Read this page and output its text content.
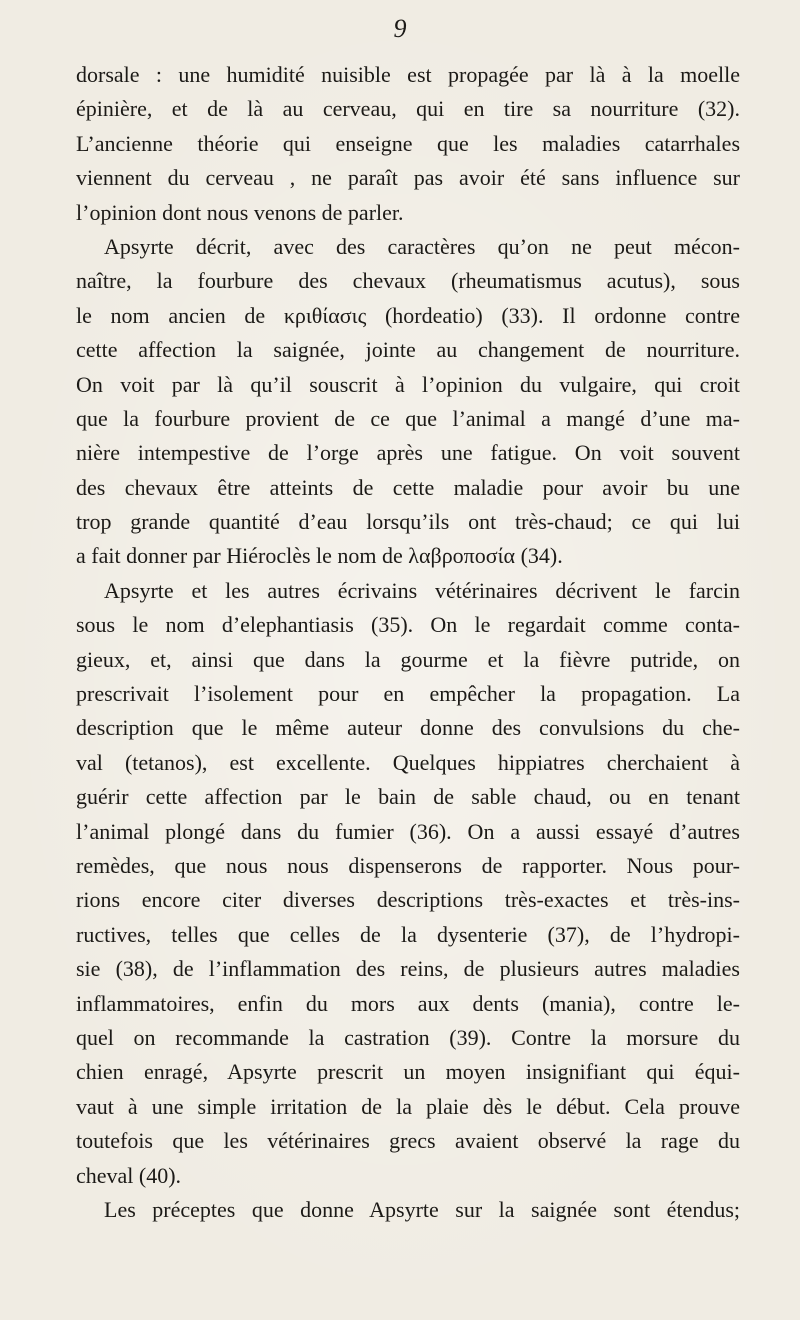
9
dorsale : une humidité nuisible est propagée par là à la moelle
épinière, et de là au cerveau, qui en tire sa nourriture (32).
L’ancienne théorie qui enseigne que les maladies catarrhales
viennent du cerveau , ne paraît pas avoir été sans influence sur
l’opinion dont nous venons de parler.
Apsyrte décrit, avec des caractères qu’on ne peut mécon-
naître, la fourbure des chevaux (rheumatismus acutus), sous
le nom ancien de κριθίασις (hordeatio) (33). Il ordonne contre
cette affection la saignée, jointe au changement de nourriture.
On voit par là qu’il souscrit à l’opinion du vulgaire, qui croit
que la fourbure provient de ce que l’animal a mangé d’une ma-
nière intempestive de l’orge après une fatigue. On voit souvent
des chevaux être atteints de cette maladie pour avoir bu une
trop grande quantité d’eau lorsqu’ils ont très-chaud; ce qui lui
a fait donner par Hiéroclès le nom de λαβροποσία (34).
Apsyrte et les autres écrivains vétérinaires décrivent le farcin
sous le nom d’elephantiasis (35). On le regardait comme conta-
gieux, et, ainsi que dans la gourme et la fièvre putride, on
prescrivait l’isolement pour en empêcher la propagation. La
description que le même auteur donne des convulsions du che-
val (tetanos), est excellente. Quelques hippiatres cherchaient à
guérir cette affection par le bain de sable chaud, ou en tenant
l’animal plongé dans du fumier (36). On a aussi essayé d’autres
remèdes, que nous nous dispenserons de rapporter. Nous pour-
rions encore citer diverses descriptions très-exactes et très-ins-
ructives, telles que celles de la dysenterie (37), de l’hydropi-
sie (38), de l’inflammation des reins, de plusieurs autres maladies
inflammatoires, enfin du mors aux dents (mania), contre le-
quel on recommande la castration (39). Contre la morsure du
chien enragé, Apsyrte prescrit un moyen insignifiant qui équi-
vaut à une simple irritation de la plaie dès le début. Cela prouve
toutefois que les vétérinaires grecs avaient observé la rage du
cheval (40).
Les préceptes que donne Apsyrte sur la saignée sont étendus;
